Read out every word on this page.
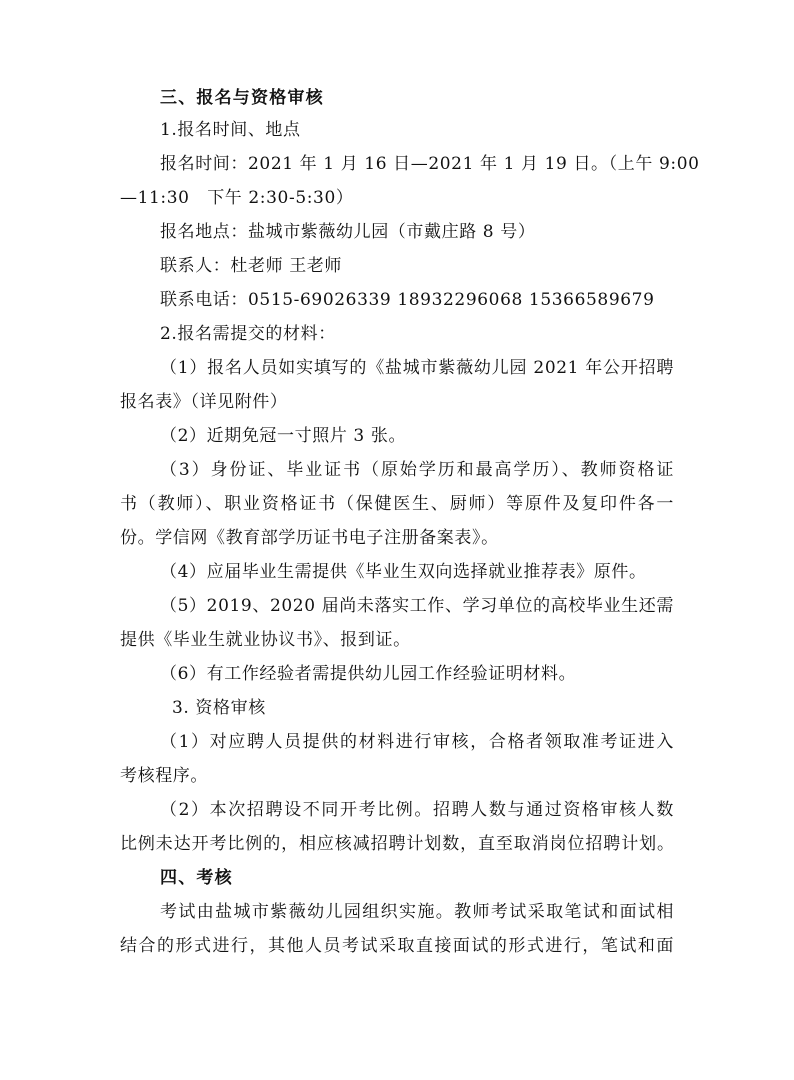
三、报名与资格审核
1.报名时间、地点
报名时间：2021 年 1 月 16 日—2021 年 1 月 19 日。（上午 9:00
—11:30　下午 2:30-5:30）
报名地点：盐城市紫薇幼儿园（市戴庄路 8 号）
联系人：杜老师 王老师
联系电话：0515-69026339 18932296068 15366589679
2.报名需提交的材料：
（1）报名人员如实填写的《盐城市紫薇幼儿园 2021 年公开招聘
报名表》（详见附件）
（2）近期免冠一寸照片 3 张。
（3）身份证、毕业证书（原始学历和最高学历）、教师资格证
书（教师）、职业资格证书（保健医生、厨师）等原件及复印件各一
份。学信网《教育部学历证书电子注册备案表》。
（4）应届毕业生需提供《毕业生双向选择就业推荐表》原件。
（5）2019、2020 届尚未落实工作、学习单位的高校毕业生还需
提供《毕业生就业协议书》、报到证。
（6）有工作经验者需提供幼儿园工作经验证明材料。
3. 资格审核
（1）对应聘人员提供的材料进行审核，合格者领取准考证进入
考核程序。
（2）本次招聘设不同开考比例。招聘人数与通过资格审核人数
比例未达开考比例的，相应核减招聘计划数，直至取消岗位招聘计划。
四、考核
考试由盐城市紫薇幼儿园组织实施。教师考试采取笔试和面试相
结合的形式进行，其他人员考试采取直接面试的形式进行，笔试和面
